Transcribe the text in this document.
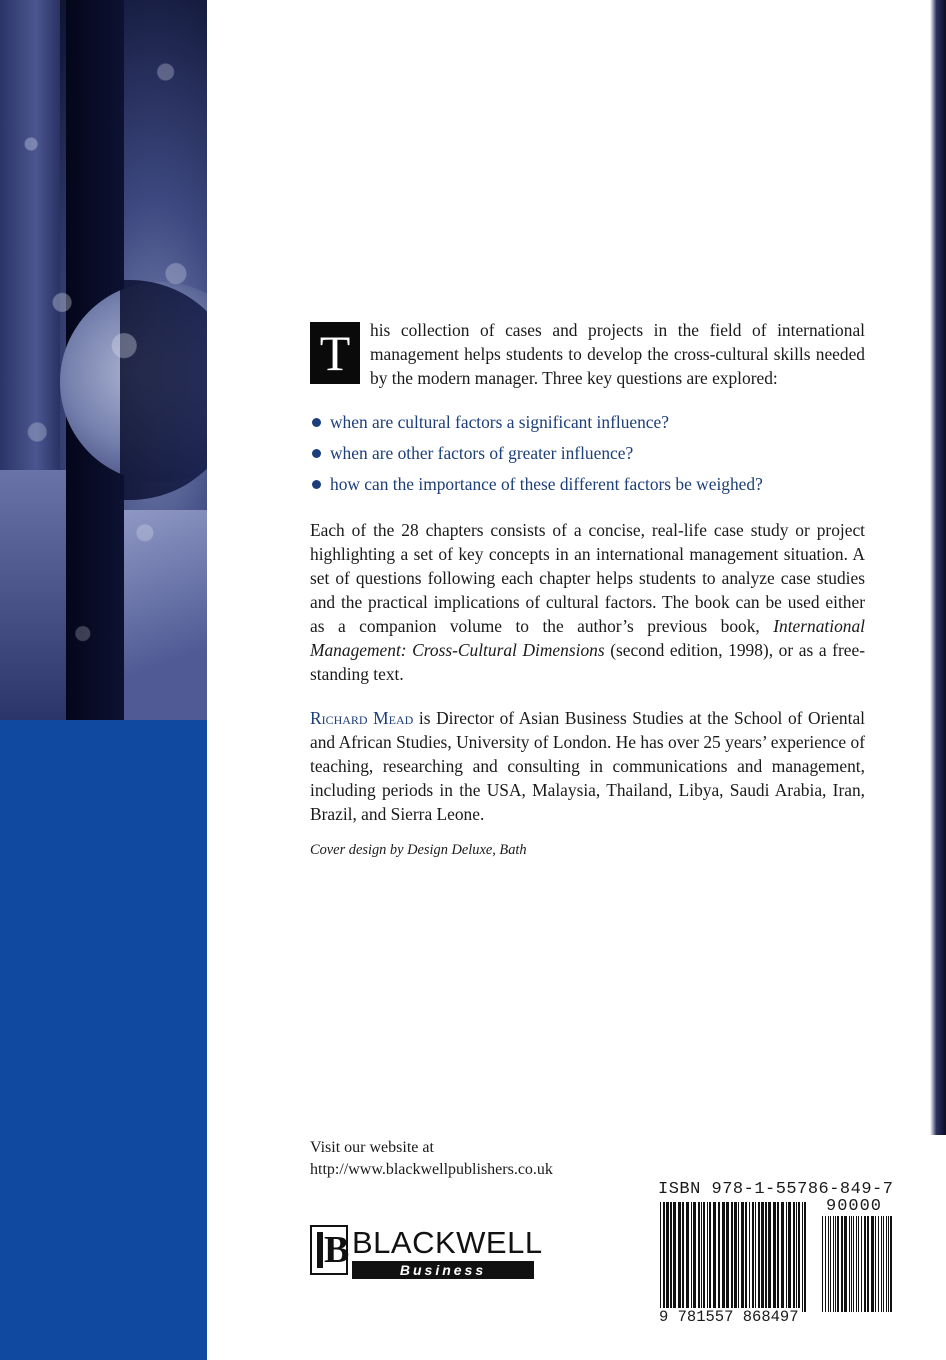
T	his collection of cases and projects in the field of international management helps students to develop the cross-cultural skills needed by the modern manager. Three key questions are explored:

when are cultural factors a significant influence?
when are other factors of greater influence?
how can the importance of these different factors be weighed?

Each of the 28 chapters consists of a concise, real-life case study or project highlighting a set of key concepts in an international management situation. A set of questions following each chapter helps students to analyze case studies and the practical implications of cultural factors. The book can be used either as a companion volume to the author’s previous book, International Management: Cross-Cultural Dimensions (second edition, 1998), or as a free-standing text.

Richard Mead is Director of Asian Business Studies at the School of Oriental and African Studies, University of London. He has over 25 years’ experience of teaching, researching and consulting in communications and management, including periods in the USA, Malaysia, Thailand, Libya, Saudi Arabia, Iran, Brazil, and Sierra Leone.

Cover design by Design Deluxe, Bath

Visit our website at
http://www.blackwellpublishers.co.uk
B BLACKWELL
Business
ISBN 978-1-55786-849-7
90000
9 781557 868497
